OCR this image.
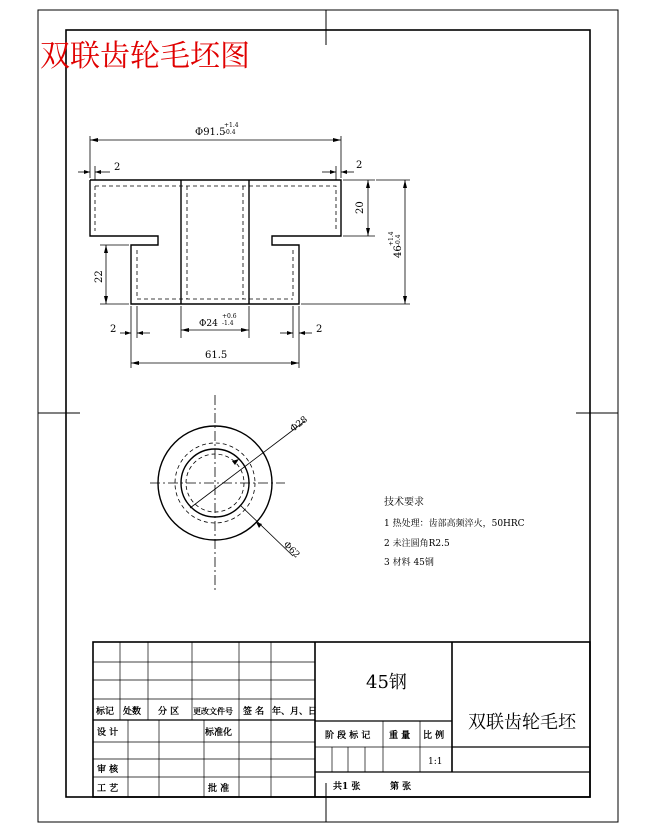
双联齿轮毛坯图
Φ91.5
+1.4
-0.4
2	2
20
46
+1.4 -0.4
22
2	2
Φ24
+0.6
-1.4
61.5
Φ28
Φ62
技术要求
1 热处理：齿部高频淬火，50HRC
2 未注圆角R2.5
3 材料 45钢
标记 处数 分 区 更改文件号 签 名 年、月、日
设 计	标准化
审 核
工 艺	批 准
45钢
双联齿轮毛坯
阶 段 标 记 重 量 比 例
1:1
共1 张	第 张
